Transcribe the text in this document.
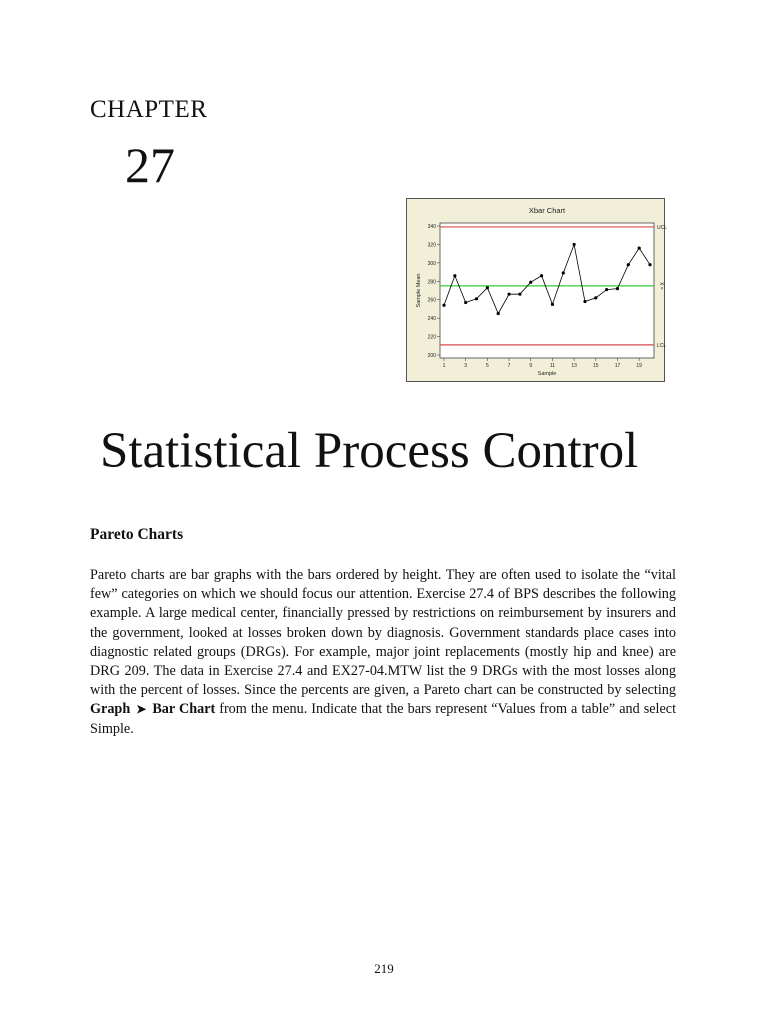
CHAPTER
27
Xbar Chart
200
220
240
260
280
300
320
340
1	3	5	7	9	11	13	15	17	19
Sample
Sample Mean
UCL
LCL
X̄ =
Statistical Process Control
Pareto Charts
Pareto charts are bar graphs with the bars ordered by height. They are often used to isolate the “vital few” categories on which we should focus our attention. Exercise 27.4 of BPS describes the following example. A large medical center, financially pressed by restrictions on reimbursement by insurers and the government, looked at losses broken down by diagnosis. Government standards place cases into diagnostic related groups (DRGs). For example, major joint replacements (mostly hip and knee) are DRG 209. The data in Exercise 27.4 and EX27-04.MTW list the 9 DRGs with the most losses along with the percent of losses. Since the percents are given, a Pareto chart can be constructed by selecting Graph ➤ Bar Chart from the menu. Indicate that the bars represent “Values from a table” and select Simple.
219
